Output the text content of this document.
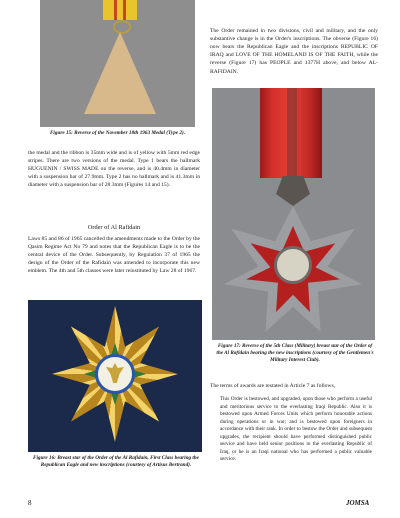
Figure 15: Reverse of the November 18th 1963 Medal (Type 2).
the medal and the ribbon is 35mm wide and is of yellow with 5mm red edge stripes. There are two versions of the medal. Type 1 bears the hallmark HUGUENIN / SWISS MADE on the reverse, and is 40.4mm in diameter with a suspension bar of 27.9mm. Type 2 has no hallmark and is 41.3mm in diameter with a suspension bar of 28.3mm (Figures 14 and 15).
Order of Al Rafidain
Laws 85 and 86 of 1965 cancelled the amendments made to the Order by the Qasim Regime Act No 79 and notes that the Republican Eagle is to be the central device of the Order. Subsequently, by Regulation 37 of 1965 the design of the Order of the Rafidain was amended to incorporate this new emblem. The 4th and 5th classes were later reinstituted by Law 28 of 1967.
Figure 16: Breast star of the Order of the Al Rafidain, First Class bearing the Republican Eagle and new inscriptions (courtesy of Artisus Bertrand).
The Order remained in two divisions, civil and military, and the only substantive change is in the Order's inscriptions. The obverse (Figure 16) now bears the Republican Eagle and the inscriptions REPUBLIC OF IRAQ and LOVE OF THE HOMELAND IS OF THE FAITH, while the reverse (Figure 17) has PEOPLE and 1377H above, and below AL-RAFIDAIN.
Figure 17: Reverse of the 5th Class (Military) breast star of the Order of the Al Rafidain bearing the new inscriptions (courtesy of the Gentlemen's Military Interest Club).
The terms of awards are restated in Article 7 as follows,
This Order is bestowed, and upgraded, upon those who perform a useful and meritorious service to the everlasting Iraqi Republic. Also it is bestowed upon Armed Forces Units which perform honorable actions during operations or in war; and is bestowed upon foreigners in accordance with their rank. In order to bestow the Order and subsequent upgrades, the recipient should have performed distinguished public service and have held senior positions in the everlasting Republic of Iraq, or he is an Iraqi national who has performed a public valuable service.
8	JOMSA
